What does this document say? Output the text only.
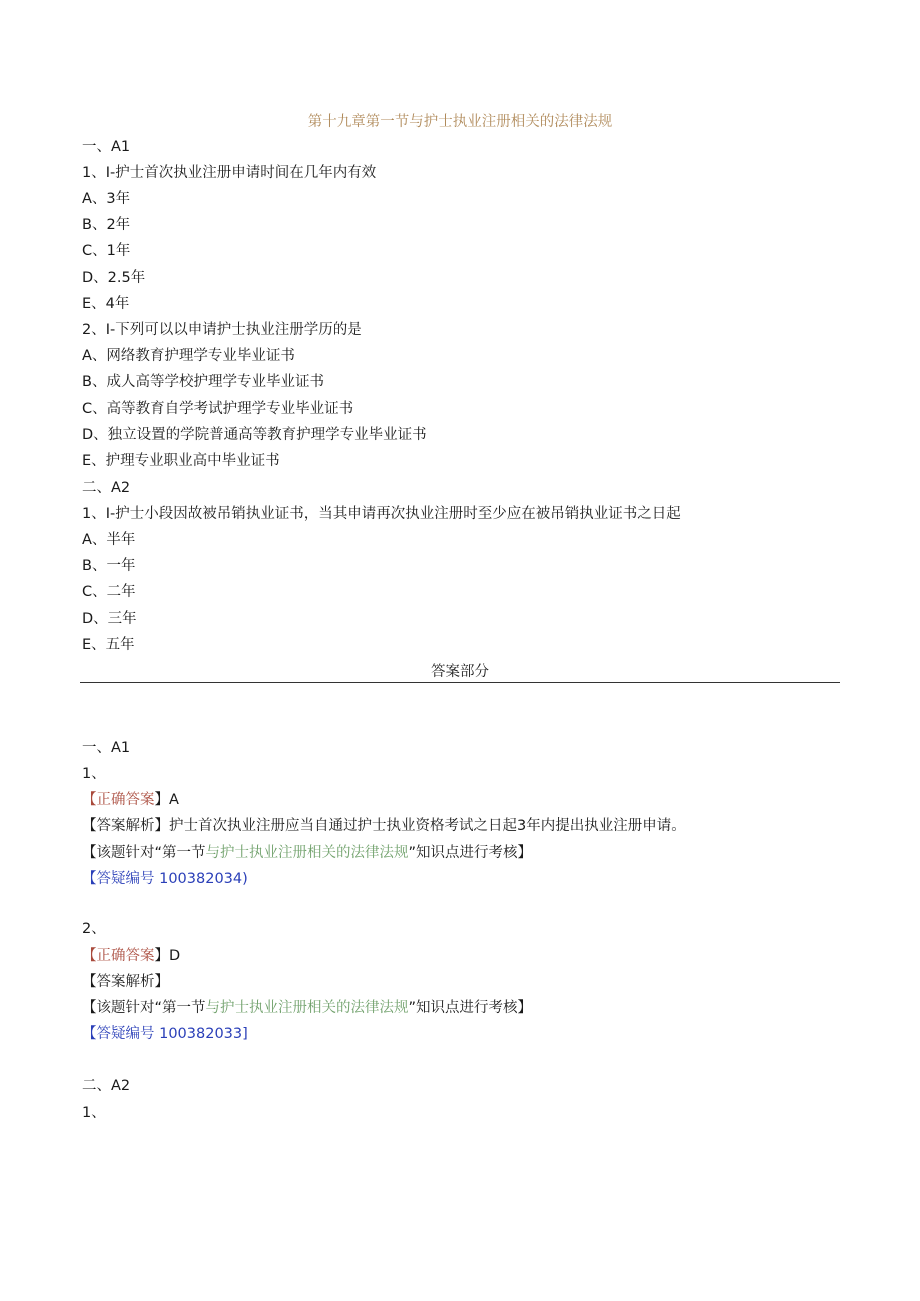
第十九章第一节与护士执业注册相关的法律法规
一、A1
1、I-护士首次执业注册申请时间在几年内有效
A、3年
B、2年
C、1年
D、2.5年
E、4年
2、I-下列可以以申请护士执业注册学历的是
A、网络教育护理学专业毕业证书
B、成人高等学校护理学专业毕业证书
C、高等教育自学考试护理学专业毕业证书
D、独立设置的学院普通高等教育护理学专业毕业证书
E、护理专业职业高中毕业证书
二、A2
1、I-护士小段因故被吊销执业证书，当其申请再次执业注册时至少应在被吊销执业证书之日起
A、半年
B、一年
C、二年
D、三年
E、五年
答案部分
一、A1
1、
【正确答案】A
【答案解析】护士首次执业注册应当自通过护士执业资格考试之日起3年内提出执业注册申请。
【该题针对“第一节与护士执业注册相关的法律法规”知识点进行考核】
【答疑编号 100382034)
2、
【正确答案】D
【答案解析】
【该题针对“第一节与护士执业注册相关的法律法规”知识点进行考核】
【答疑编号 100382033]
二、A2
1、
